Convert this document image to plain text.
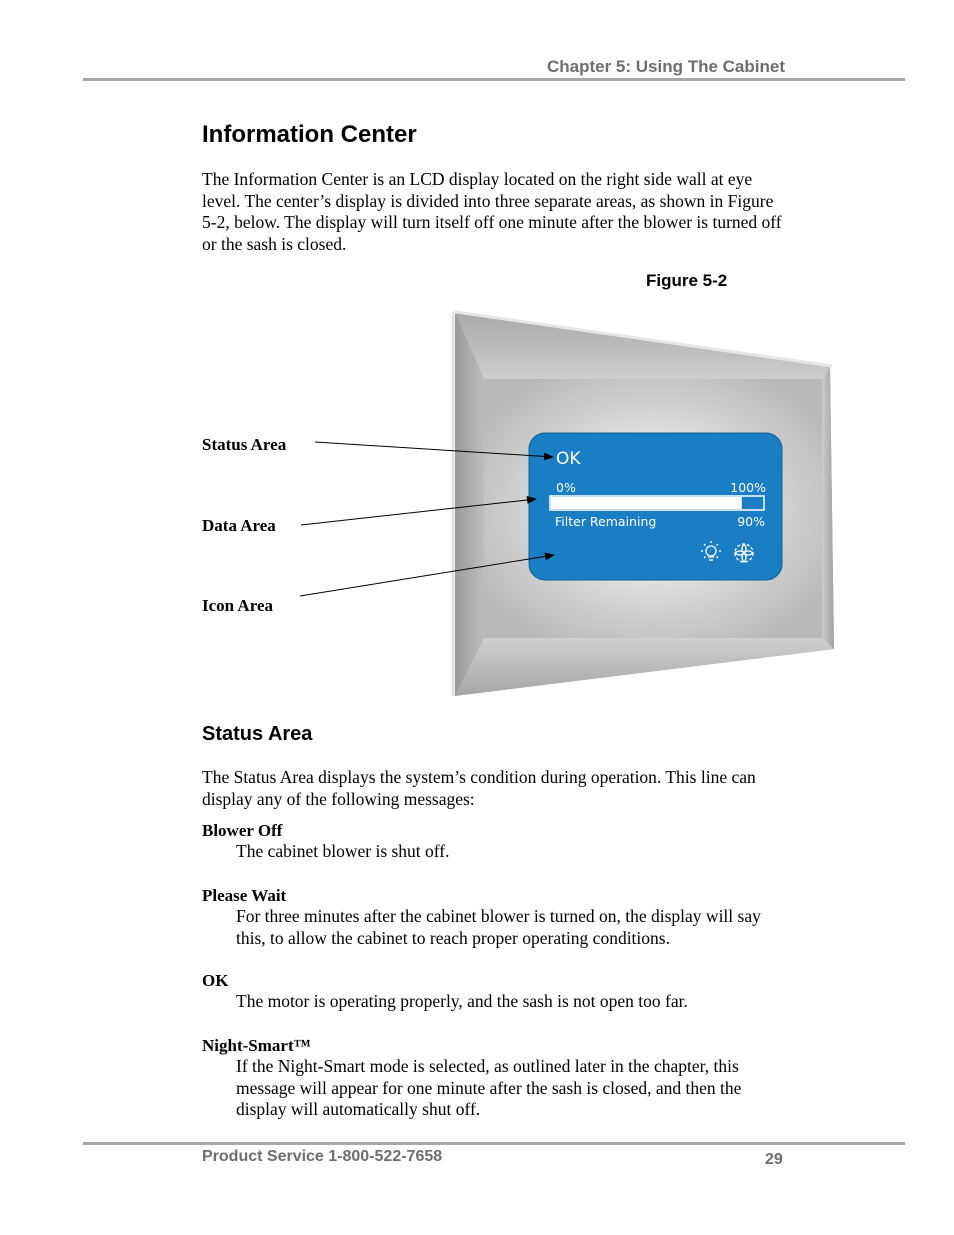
Chapter 5: Using The Cabinet
Information Center

The Information Center is an LCD display located on the right side wall at eye level. The center’s display is divided into three separate areas, as shown in Figure 5-2, below. The display will turn itself off one minute after the blower is turned off or the sash is closed.

Figure 5-2
OK
0%	100%
Filter Remaining	90%
Status Area
Data Area
Icon Area
Status Area

The Status Area displays the system’s condition during operation. This line can display any of the following messages:

Blower Off
The cabinet blower is shut off.
Please Wait
For three minutes after the cabinet blower is turned on, the display will say this, to allow the cabinet to reach proper operating conditions.
OK
The motor is operating properly, and the sash is not open too far.
Night-Smart™
If the Night-Smart mode is selected, as outlined later in the chapter, this message will appear for one minute after the sash is closed, and then the display will automatically shut off.
Product Service 1-800-522-7658	29
